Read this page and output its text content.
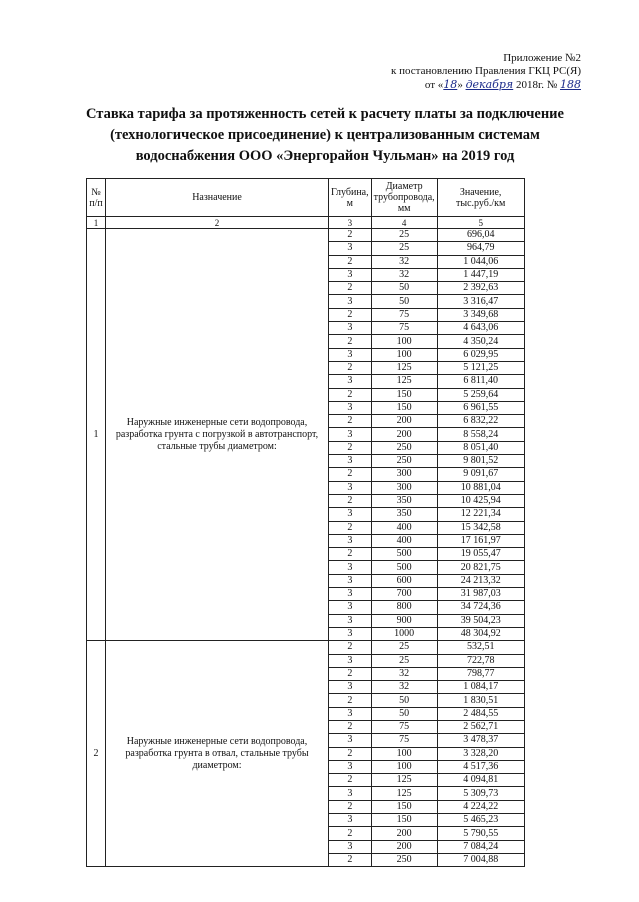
Приложение №2
к постановлению Правления ГКЦ РС(Я)
от «18» декабря 2018г. № 188
Ставка тарифа за протяженность сетей к расчету платы за подключение
(технологическое присоединение) к централизованным системам
водоснабжения ООО «Энергорайон Чульман» на 2019 год
№ п/п	Назначение	Глубина, м	Диаметр трубопровода, мм	Значение, тыс.руб./км
1	2	3	4	5
1	Наружные инженерные сети водопровода, разработка грунта с погрузкой в автотранспорт, стальные трубы диаметром:	2	25	696,04
		3	25	964,79
		2	32	1 044,06
		3	32	1 447,19
		2	50	2 392,63
		3	50	3 316,47
		2	75	3 349,68
		3	75	4 643,06
		2	100	4 350,24
		3	100	6 029,95
		2	125	5 121,25
		3	125	6 811,40
		2	150	5 259,64
		3	150	6 961,55
		2	200	6 832,22
		3	200	8 558,24
		2	250	8 051,40
		3	250	9 801,52
		2	300	9 091,67
		3	300	10 881,04
		2	350	10 425,94
		3	350	12 221,34
		2	400	15 342,58
		3	400	17 161,97
		2	500	19 055,47
		3	500	20 821,75
		3	600	24 213,32
		3	700	31 987,03
		3	800	34 724,36
		3	900	39 504,23
		3	1000	48 304,92
2	Наружные инженерные сети водопровода, разработка грунта в отвал, стальные трубы диаметром:	2	25	532,51
		3	25	722,78
		2	32	798,77
		3	32	1 084,17
		2	50	1 830,51
		3	50	2 484,55
		2	75	2 562,71
		3	75	3 478,37
		2	100	3 328,20
		3	100	4 517,36
		2	125	4 094,81
		3	125	5 309,73
		2	150	4 224,22
		3	150	5 465,23
		2	200	5 790,55
		3	200	7 084,24
		2	250	7 004,88
